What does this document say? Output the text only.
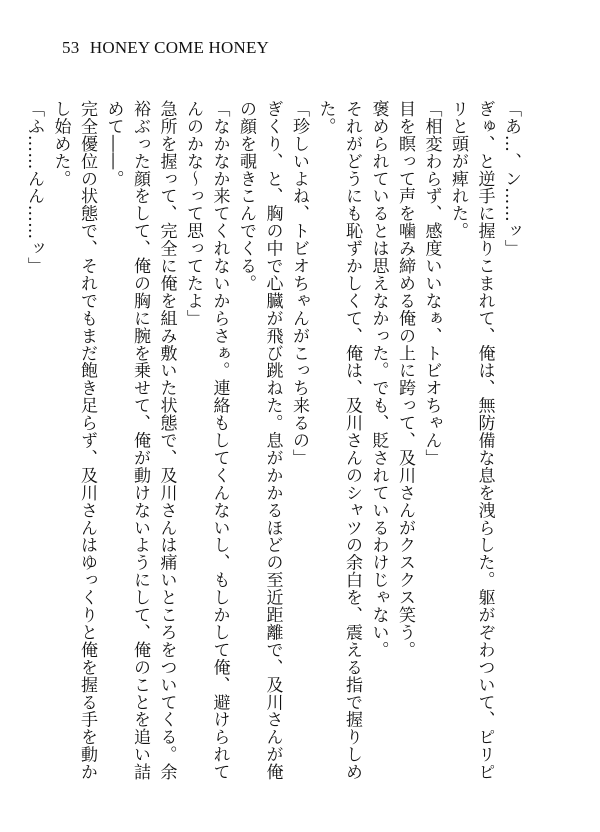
53 HONEY COME HONEY

「あ…、ン……ッ」

ぎゅ、と逆手に握りこまれて、俺は、無防備な息を洩らした。躯がぞわついて、ピリピリと頭が痺れた。

「相変わらず、感度いいなぁ、トビオちゃん」

目を瞑って声を噛み締める俺の上に跨って、及川さんがクスクス笑う。

褒められているとは思えなかった。でも、貶されているわけじゃない。

それがどうにも恥ずかしくて、俺は、及川さんのシャツの余白を、震える指で握りしめた。

「珍しいよね、トビオちゃんがこっち来るの」

ぎくり、と、胸の中で心臓が飛び跳ねた。息がかかるほどの至近距離で、及川さんが俺の顔を覗きこんでくる。

「なかなか来てくれないからさぁ。連絡もしてくんないし、もしかして俺、避けられてんのかな〜って思ってたよ」

急所を握って、完全に俺を組み敷いた状態で、及川さんは痛いところをついてくる。余裕ぶった顔をして、俺の胸に腕を乗せて、俺が動けないようにして、俺のことを追い詰めて――。

完全優位の状態で、それでもまだ飽き足らず、及川さんはゆっくりと俺を握る手を動かし始めた。

「ふ……んん……ッ」
